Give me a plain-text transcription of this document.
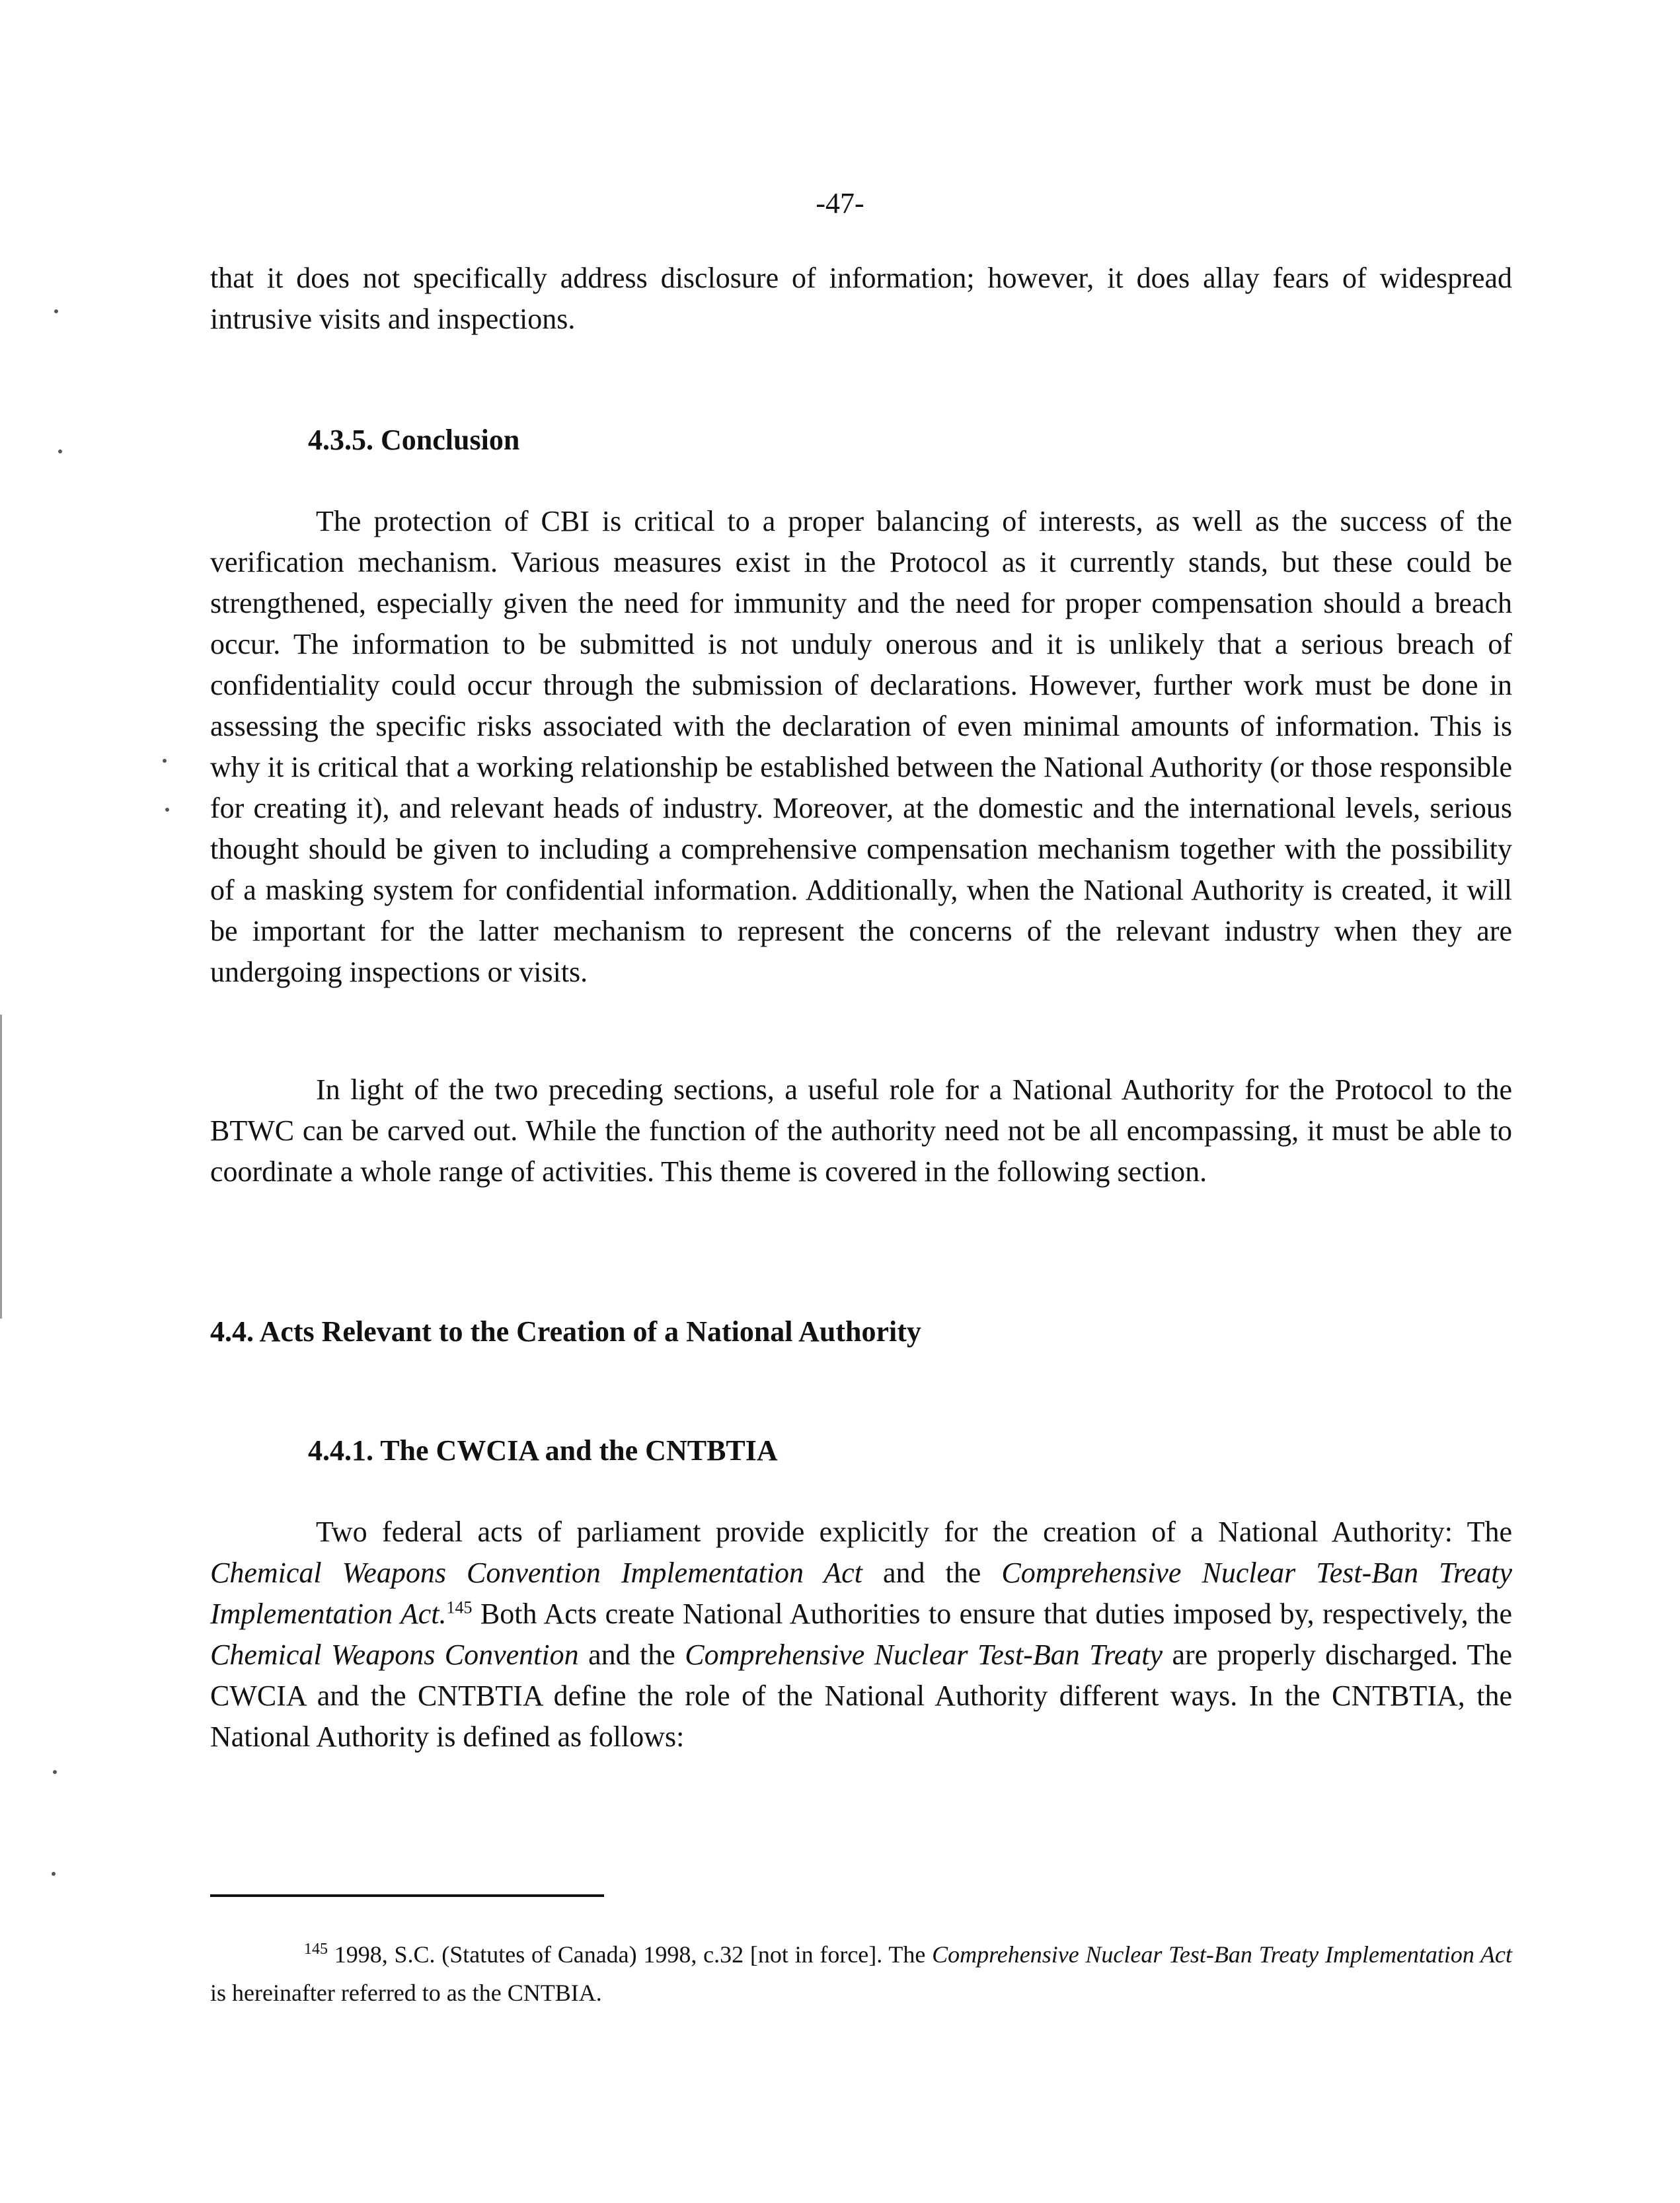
-47-

that it does not specifically address disclosure of information; however, it does allay fears of widespread intrusive visits and inspections.

4.3.5. Conclusion

The protection of CBI is critical to a proper balancing of interests, as well as the success of the verification mechanism. Various measures exist in the Protocol as it currently stands, but these could be strengthened, especially given the need for immunity and the need for proper compensation should a breach occur. The information to be submitted is not unduly onerous and it is unlikely that a serious breach of confidentiality could occur through the submission of declarations. However, further work must be done in assessing the specific risks associated with the declaration of even minimal amounts of information. This is why it is critical that a working relationship be established between the National Authority (or those responsible for creating it), and relevant heads of industry. Moreover, at the domestic and the international levels, serious thought should be given to including a comprehensive compensation mechanism together with the possibility of a masking system for confidential information. Additionally, when the National Authority is created, it will be important for the latter mechanism to represent the concerns of the relevant industry when they are undergoing inspections or visits.

In light of the two preceding sections, a useful role for a National Authority for the Protocol to the BTWC can be carved out. While the function of the authority need not be all encompassing, it must be able to coordinate a whole range of activities. This theme is covered in the following section.

4.4. Acts Relevant to the Creation of a National Authority
4.4.1. The CWCIA and the CNTBTIA

Two federal acts of parliament provide explicitly for the creation of a National Authority: The Chemical Weapons Convention Implementation Act and the Comprehensive Nuclear Test-Ban Treaty Implementation Act.$^{145}$ Both Acts create National Authorities to ensure that duties imposed by, respectively, the Chemical Weapons Convention and the Comprehensive Nuclear Test-Ban Treaty are properly discharged. The CWCIA and the CNTBTIA define the role of the National Authority different ways. In the CNTBTIA, the National Authority is defined as follows:

$^{145}$ 1998, S.C. (Statutes of Canada) 1998, c.32 [not in force]. The Comprehensive Nuclear Test-Ban Treaty Implementation Act is hereinafter referred to as the CNTBIA.
